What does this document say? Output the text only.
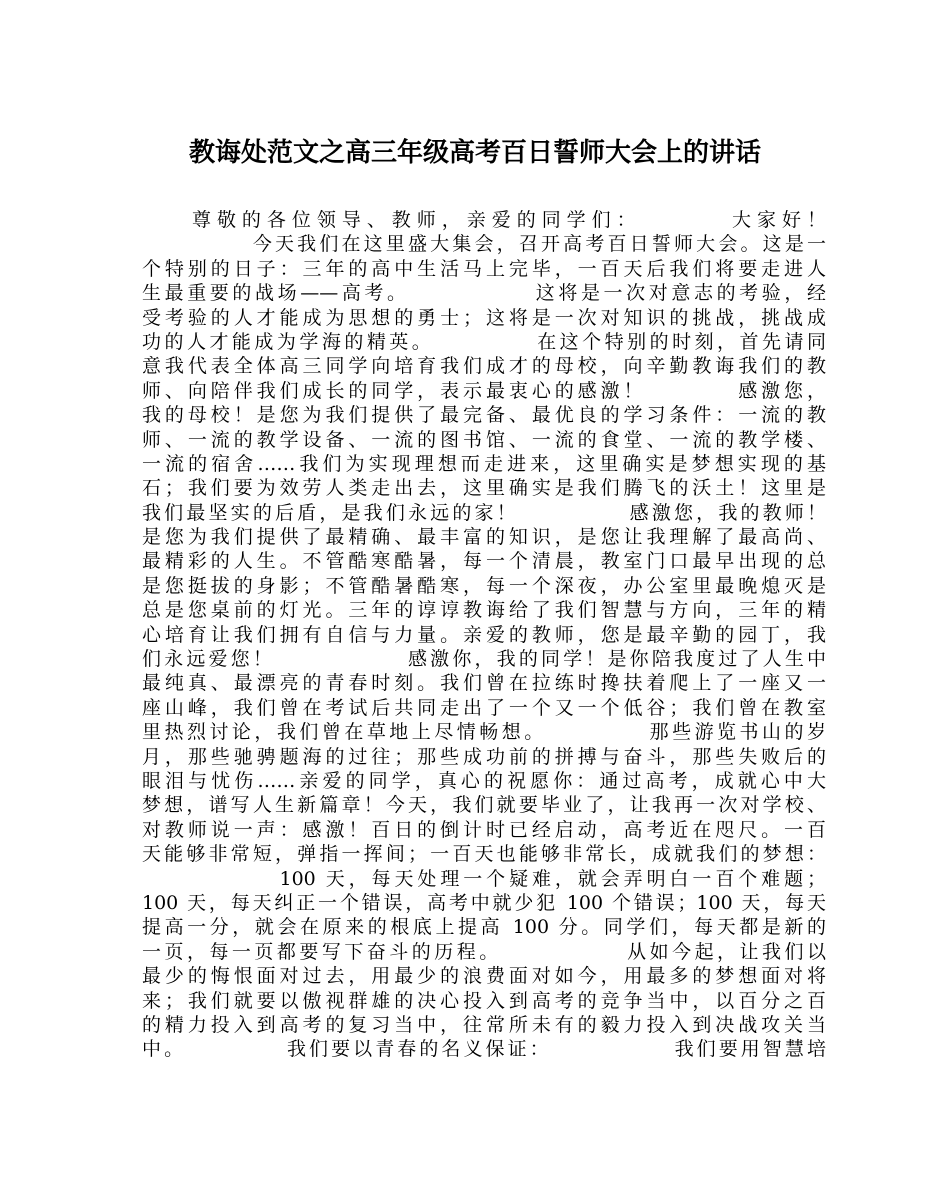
教诲处范文之高三年级高考百日誓师大会上的讲话
　　尊敬的各位领导、教师，亲爱的同学们：　　　　大家好！
　　　　　今天我们在这里盛大集会，召开高考百日誓师大会。这是一
个特别的日子：三年的高中生活马上完毕，一百天后我们将要走进人
生最重要的战场——高考。　　　　　　这将是一次对意志的考验，经
受考验的人才能成为思想的勇士；这将是一次对知识的挑战，挑战成
功的人才能成为学海的精英。　　　　　在这个特别的时刻，首先请同
意我代表全体高三同学向培育我们成才的母校，向辛勤教诲我们的教
师、向陪伴我们成长的同学，表示最衷心的感激！　　　　感激您，
我的母校！是您为我们提供了最完备、最优良的学习条件：一流的教
师、一流的教学设备、一流的图书馆、一流的食堂、一流的教学楼、
一流的宿舍……我们为实现理想而走进来，这里确实是梦想实现的基
石；我们要为效劳人类走出去，这里确实是我们腾飞的沃土！这里是
我们最坚实的后盾，是我们永远的家！　　　　　感激您，我的教师！
是您为我们提供了最精确、最丰富的知识，是您让我理解了最高尚、
最精彩的人生。不管酷寒酷暑，每一个清晨，教室门口最早出现的总
是您挺拔的身影；不管酷暑酷寒，每一个深夜，办公室里最晚熄灭是
总是您桌前的灯光。三年的谆谆教诲给了我们智慧与方向，三年的精
心培育让我们拥有自信与力量。亲爱的教师，您是最辛勤的园丁，我
们永远爱您！　　　　　　感激你，我的同学！是你陪我度过了人生中
最纯真、最漂亮的青春时刻。我们曾在拉练时搀扶着爬上了一座又一
座山峰，我们曾在考试后共同走出了一个又一个低谷；我们曾在教室
里热烈讨论，我们曾在草地上尽情畅想。　　　　　那些游览书山的岁
月，那些驰骋题海的过往；那些成功前的拼搏与奋斗，那些失败后的
眼泪与忧伤……亲爱的同学，真心的祝愿你：通过高考，成就心中大
梦想，谱写人生新篇章！今天，我们就要毕业了，让我再一次对学校、
对教师说一声：感激！百日的倒计时已经启动，高考近在咫尺。一百
天能够非常短，弹指一挥间；一百天也能够非常长，成就我们的梦想：
　　　　　　100 天，每天处理一个疑难，就会弄明白一百个难题；
100 天，每天纠正一个错误，高考中就少犯 100 个错误；100 天，每天
提高一分，就会在原来的根底上提高 100 分。同学们，每天都是新的
一页，每一页都要写下奋斗的历程。　　　　　　从如今起，让我们以
最少的悔恨面对过去，用最少的浪费面对如今，用最多的梦想面对将
来；我们就要以傲视群雄的决心投入到高考的竞争当中，以百分之百
的精力投入到高考的复习当中，往常所未有的毅力投入到决战攻关当
中。　　　　　我们要以青春的名义保证：　　　　　　我们要用智慧培
